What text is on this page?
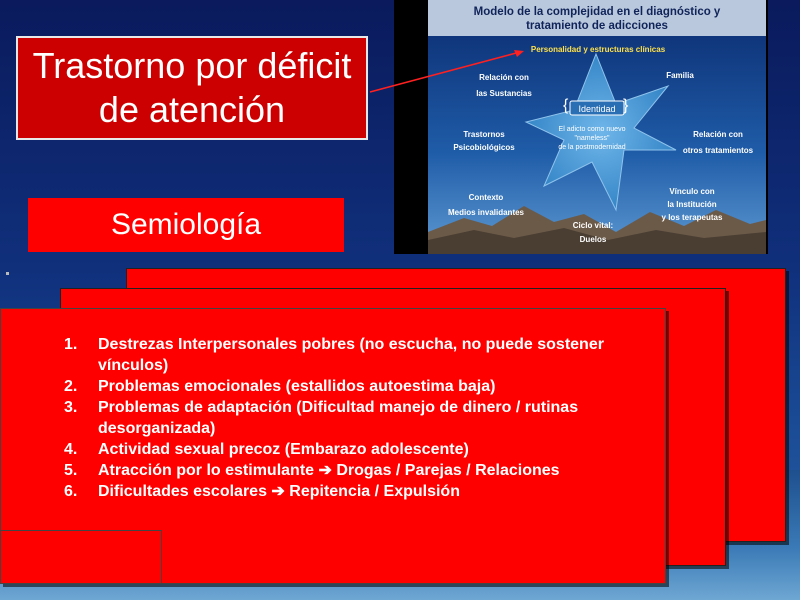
Trastorno por déficit de atención
Semiología
Modelo de la complejidad en el diagnóstico y
tratamiento de adicciones
Identidad
{	}
El adicto como nuevo
"nameless"
de la postmodernidad
Personalidad y estructuras clínicas
Familia
Relación con
las Sustancias
Trastornos
Psicobiológicos
Relación con
otros tratamientos
Contexto
Medios invalidantes
Vínculo con
la Institución
y los terapeutas
Ciclo vital:
Duelos
1.	Destrezas Interpersonales pobres (no escucha, no puede sostener vínculos)
2.	Problemas emocionales (estallidos autoestima baja)
3.	Problemas de adaptación (Dificultad manejo de dinero / rutinas desorganizada)
4.	Actividad sexual precoz (Embarazo adolescente)
5.	Atracción por lo estimulante ➔ Drogas / Parejas / Relaciones
6.	Dificultades escolares ➔ Repitencia / Expulsión
